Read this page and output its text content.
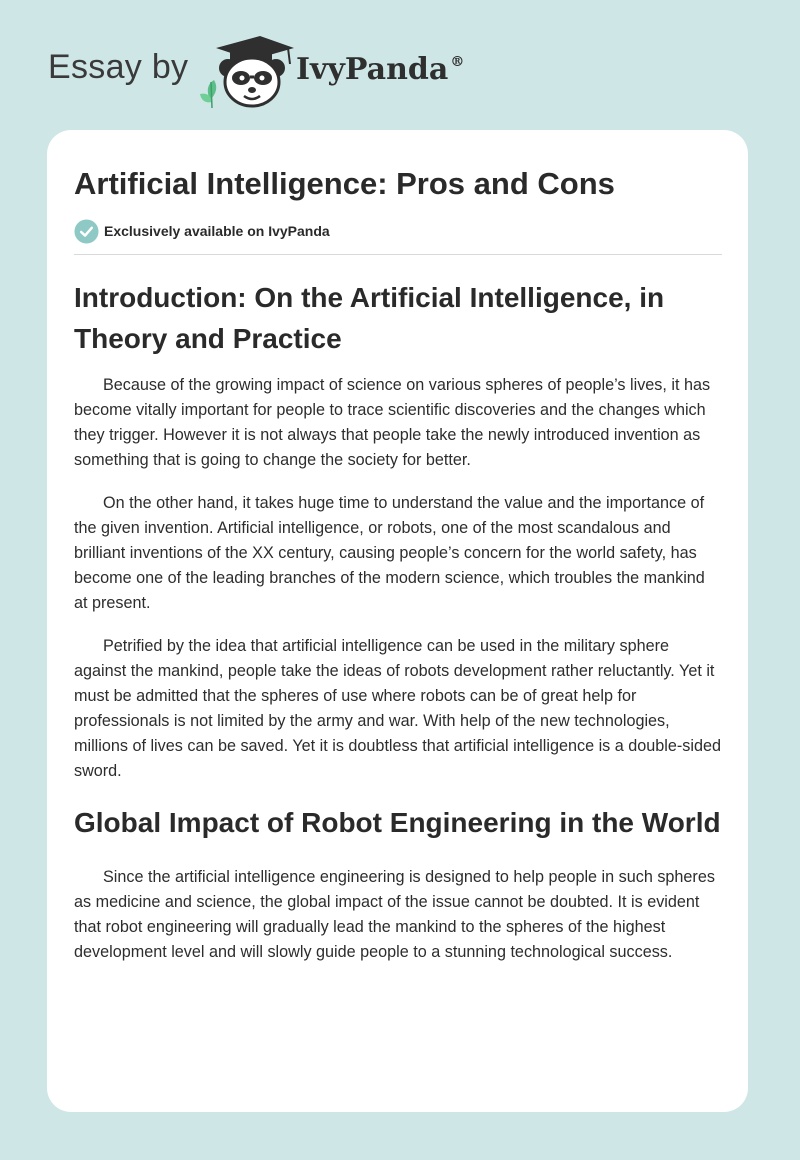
Essay by	IvyPanda ®
Artificial Intelligence: Pros and Cons
Exclusively available on IvyPanda
Introduction: On the Artificial Intelligence, in Theory and Practice

Because of the growing impact of science on various spheres of people’s lives, it has become vitally important for people to trace scientific discoveries and the changes which they trigger. However it is not always that people take the newly introduced invention as something that is going to change the society for better.

On the other hand, it takes huge time to understand the value and the importance of the given invention. Artificial intelligence, or robots, one of the most scandalous and brilliant inventions of the XX century, causing people’s concern for the world safety, has become one of the leading branches of the modern science, which troubles the mankind at present.

Petrified by the idea that artificial intelligence can be used in the military sphere against the mankind, people take the ideas of robots development rather reluctantly. Yet it must be admitted that the spheres of use where robots can be of great help for professionals is not limited by the army and war. With help of the new technologies, millions of lives can be saved. Yet it is doubtless that artificial intelligence is a double-sided sword.

Global Impact of Robot Engineering in the World

Since the artificial intelligence engineering is designed to help people in such spheres as medicine and science, the global impact of the issue cannot be doubted. It is evident that robot engineering will gradually lead the mankind to the spheres of the highest development level and will slowly guide people to a stunning technological success.
